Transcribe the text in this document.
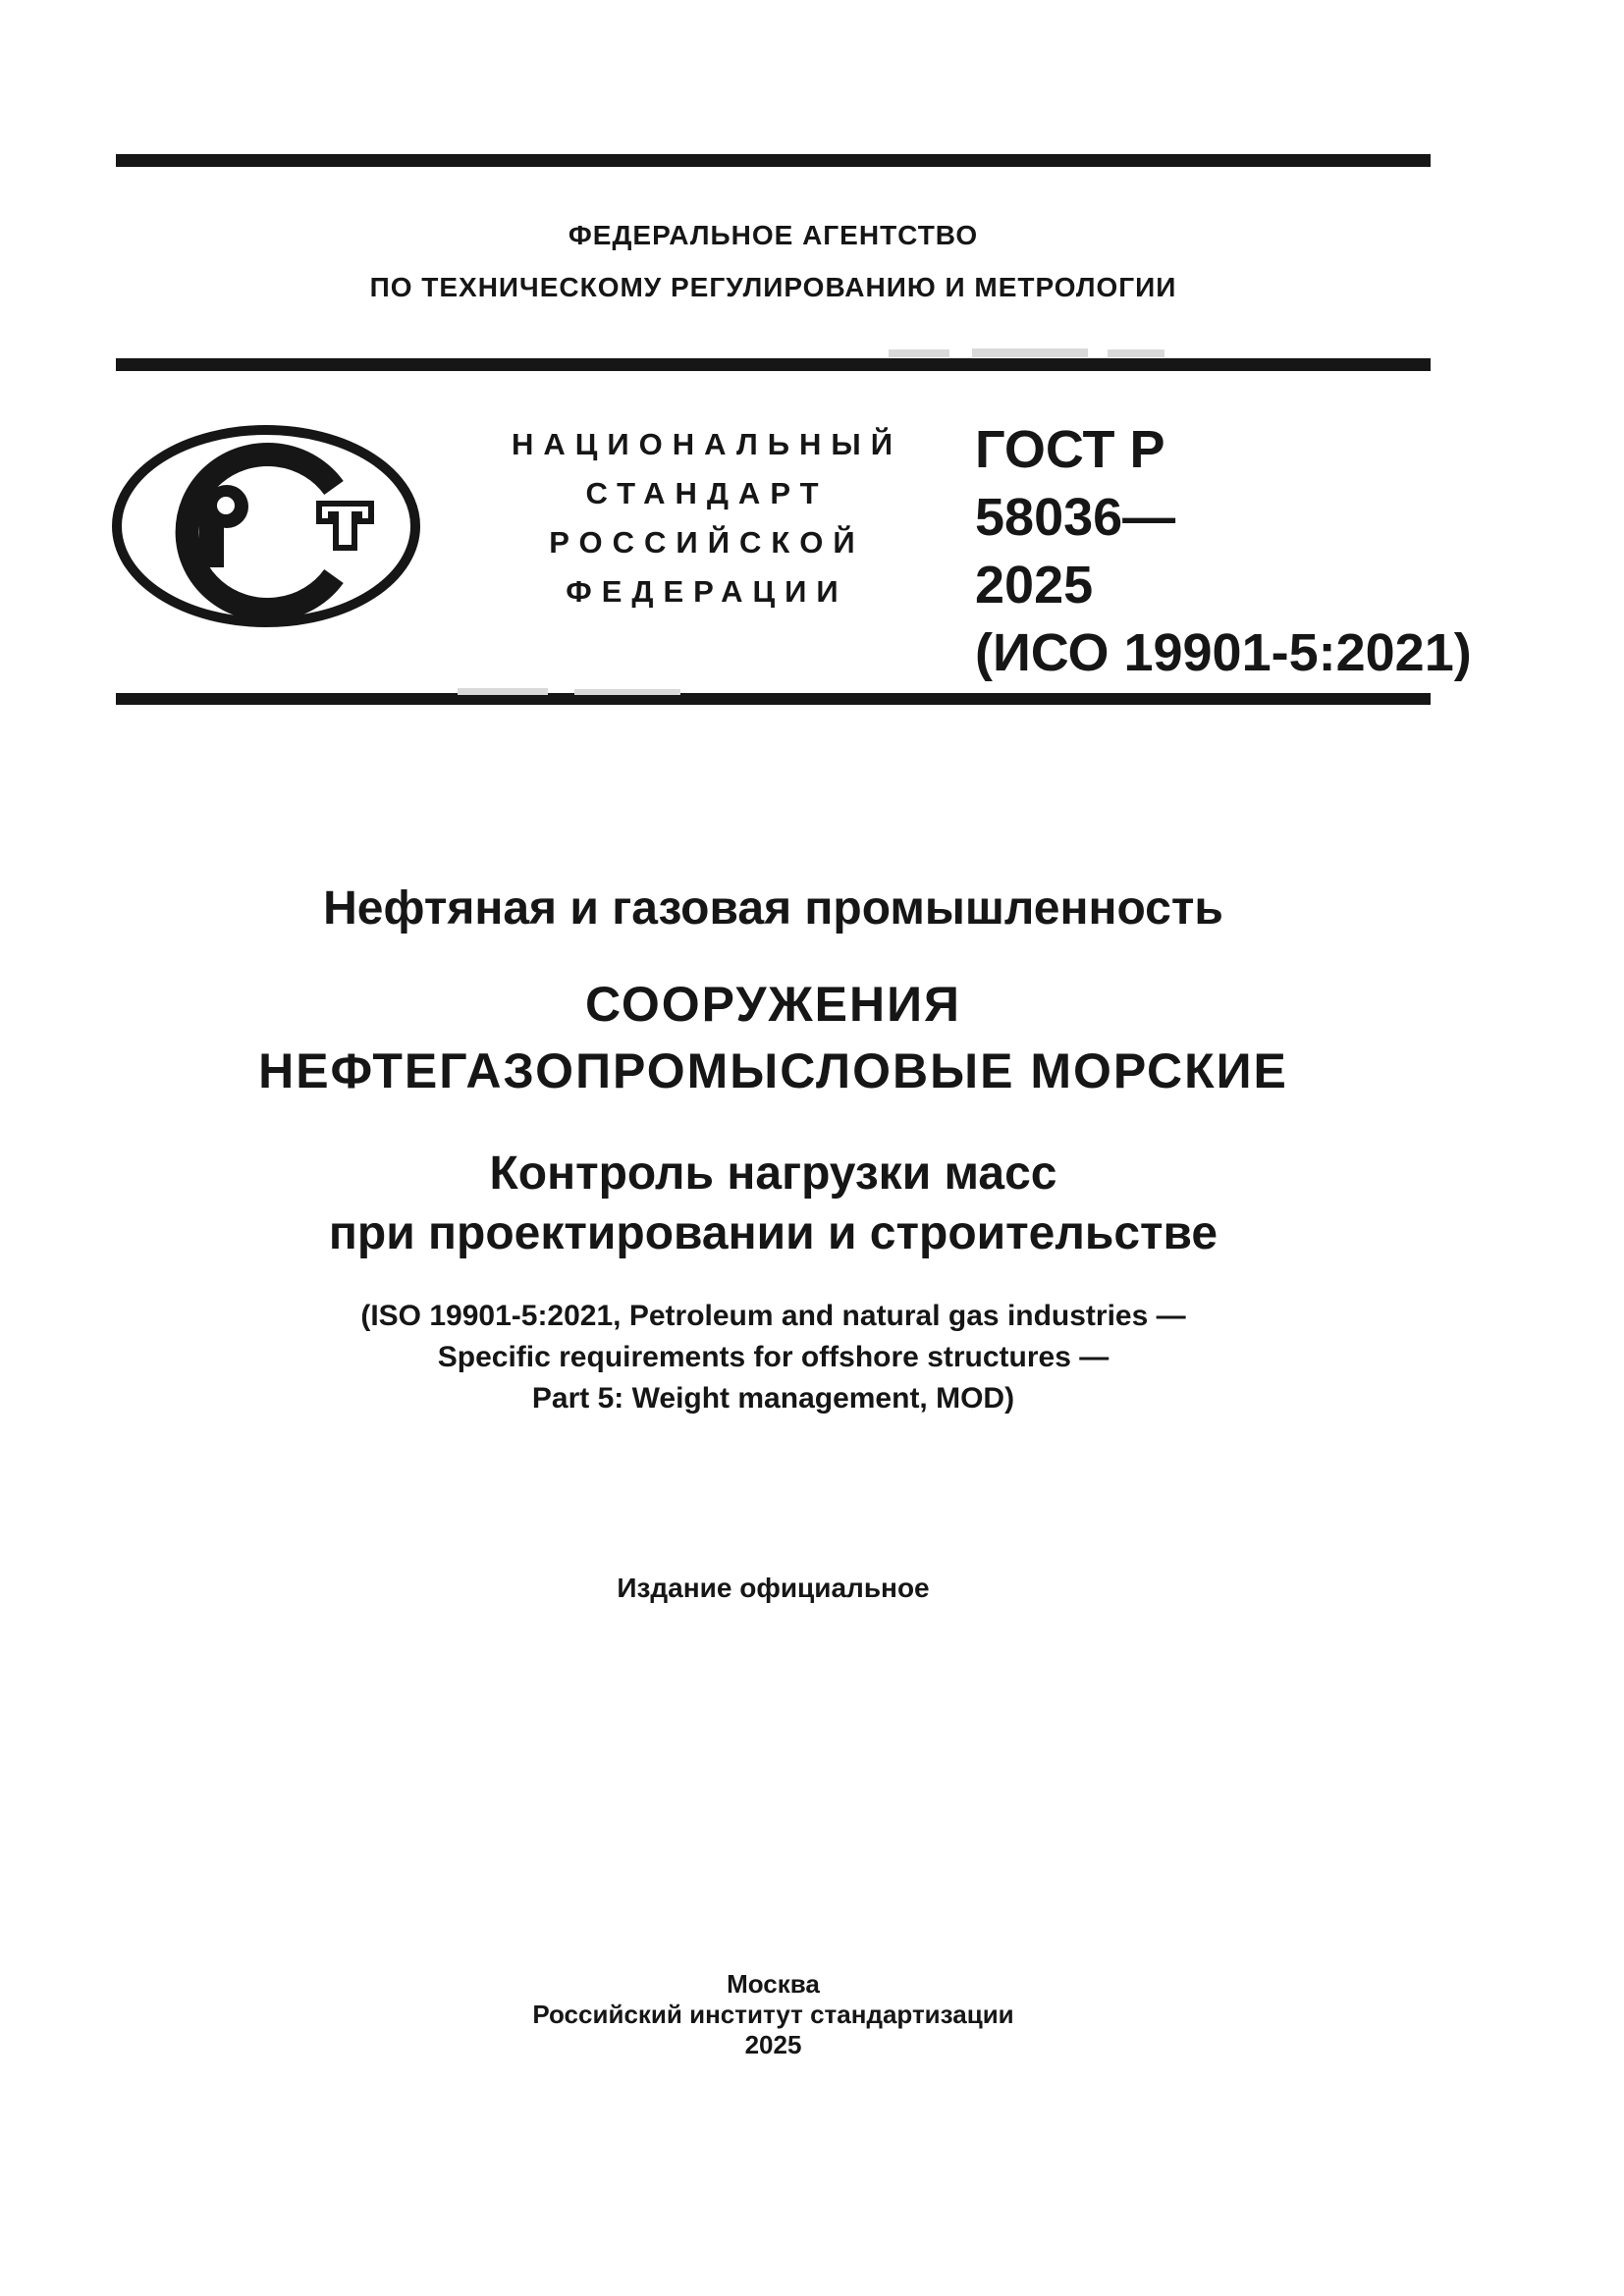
ФЕДЕРАЛЬНОЕ АГЕНТСТВО
ПО ТЕХНИЧЕСКОМУ РЕГУЛИРОВАНИЮ И МЕТРОЛОГИИ
НАЦИОНАЛЬНЫЙ
СТАНДАРТ
РОССИЙСКОЙ
ФЕДЕРАЦИИ
ГОСТ Р
58036—
2025
(ИСО 19901-5:2021)
Нефтяная и газовая промышленность
СООРУЖЕНИЯ
НЕФТЕГАЗОПРОМЫСЛОВЫЕ МОРСКИЕ
Контроль нагрузки масс
при проектировании и строительстве
(ISO 19901-5:2021, Petroleum and natural gas industries —
Specific requirements for offshore structures —
Part 5: Weight management, MOD)
Издание официальное
Москва
Российский институт стандартизации
2025
